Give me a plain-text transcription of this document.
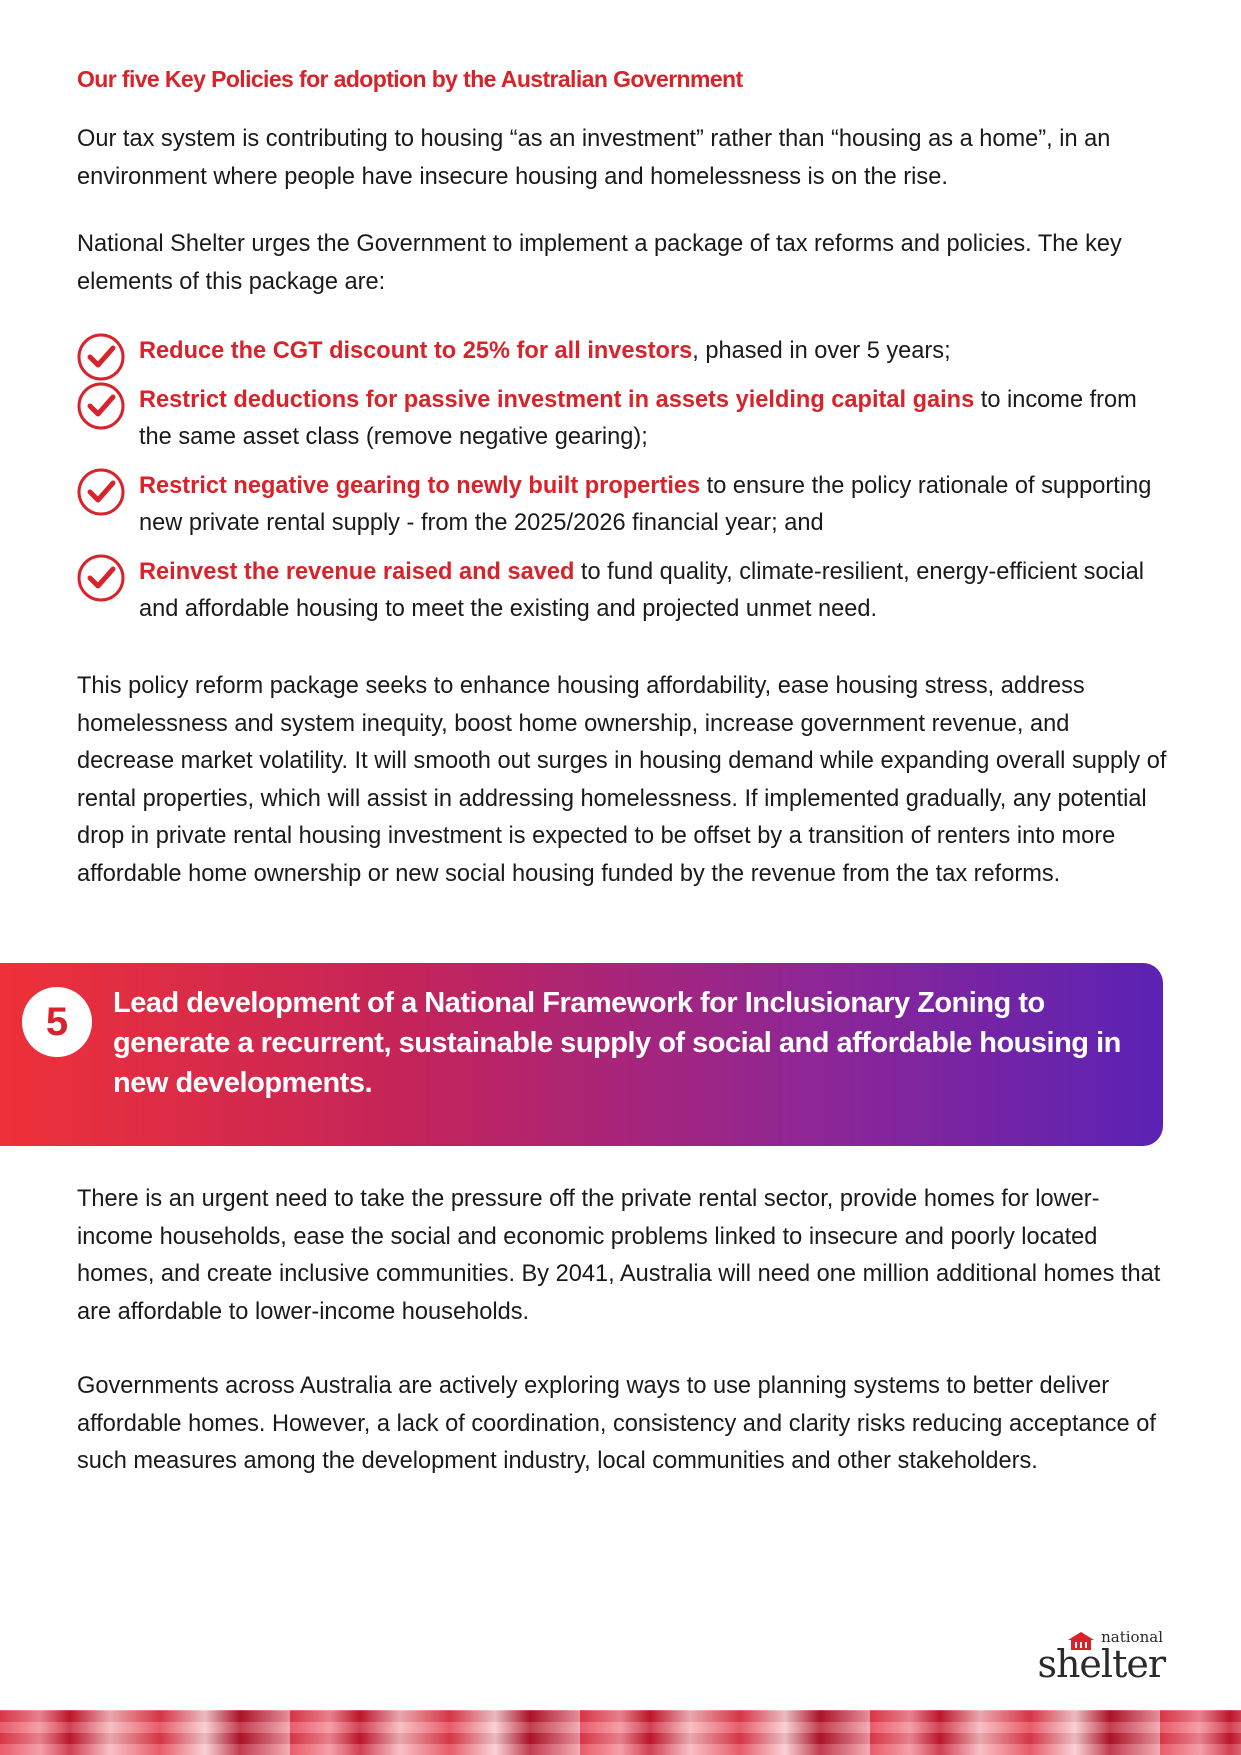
Our five Key Policies for adoption by the Australian Government

Our tax system is contributing to housing “as an investment” rather than “housing as a home”, in an environment where people have insecure housing and homelessness is on the rise.

National Shelter urges the Government to implement a package of tax reforms and policies. The key elements of this package are:

Reduce the CGT discount to 25% for all investors, phased in over 5 years;
Restrict deductions for passive investment in assets yielding capital gains to income from the same asset class (remove negative gearing);
Restrict negative gearing to newly built properties to ensure the policy rationale of supporting new private rental supply - from the 2025/2026 financial year; and
Reinvest the revenue raised and saved to fund quality, climate-resilient, energy-efficient social and affordable housing to meet the existing and projected unmet need.

This policy reform package seeks to enhance housing affordability, ease housing stress, address homelessness and system inequity, boost home ownership, increase government revenue, and decrease market volatility. It will smooth out surges in housing demand while expanding overall supply of rental properties, which will assist in addressing homelessness. If implemented gradually, any potential drop in private rental housing investment is expected to be offset by a transition of renters into more affordable home ownership or new social housing funded by the revenue from the tax reforms.

5	Lead development of a National Framework for Inclusionary Zoning to generate a recurrent, sustainable supply of social and affordable housing in new developments.

There is an urgent need to take the pressure off the private rental sector, provide homes for lower-income households, ease the social and economic problems linked to insecure and poorly located homes, and create inclusive communities. By 2041, Australia will need one million additional homes that are affordable to lower-income households.

Governments across Australia are actively exploring ways to use planning systems to better deliver affordable homes. However, a lack of coordination, consistency and clarity risks reducing acceptance of such measures among the development industry, local communities and other stakeholders.

national
shelter
